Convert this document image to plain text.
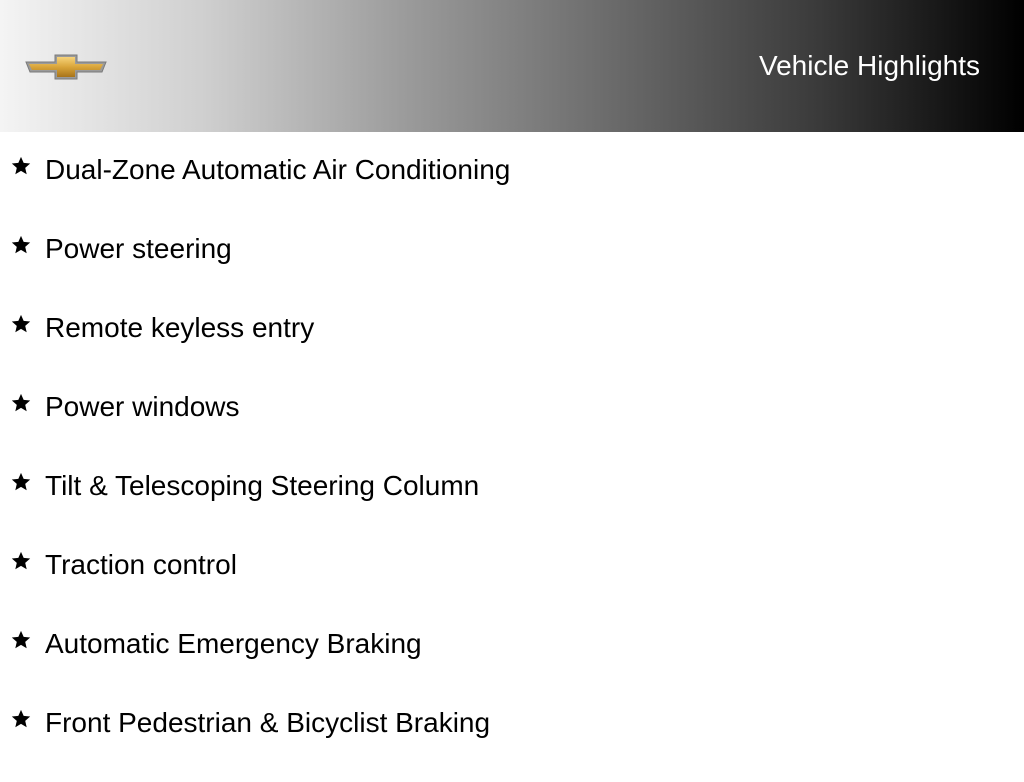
Vehicle Highlights
Dual-Zone Automatic Air Conditioning
Power steering
Remote keyless entry
Power windows
Tilt & Telescoping Steering Column
Traction control
Automatic Emergency Braking
Front Pedestrian & Bicyclist Braking
